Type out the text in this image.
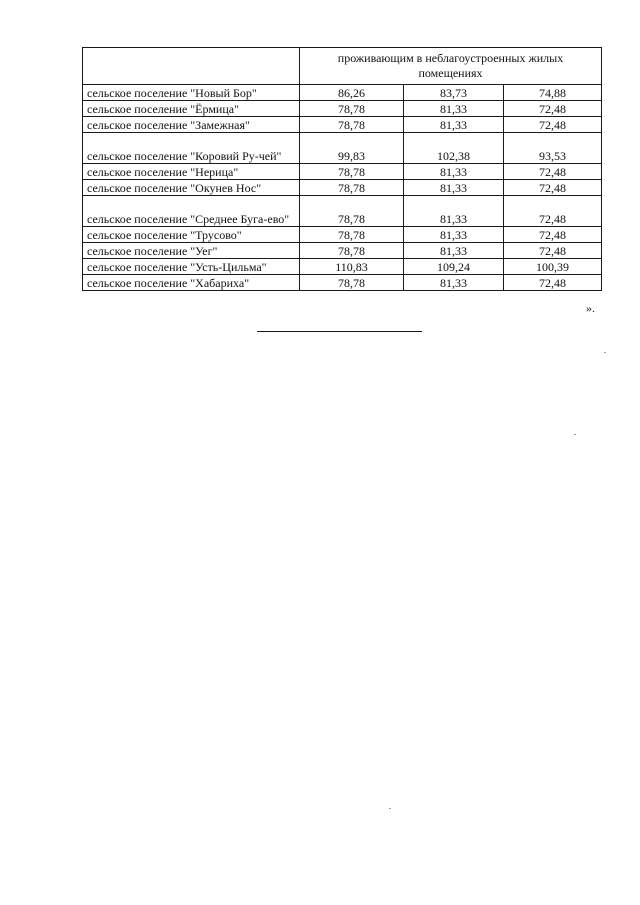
	проживающим в неблагоустроенных жилых помещениях		
сельское поселение "Новый Бор"	86,26	83,73	74,88
сельское поселение "Ёрмица"	78,78	81,33	72,48
сельское поселение "Замежная"	78,78	81,33	72,48
сельское поселение "Коровий Ру-чей"	99,83	102,38	93,53
сельское поселение "Нерица"	78,78	81,33	72,48
сельское поселение "Окунев Нос"	78,78	81,33	72,48
сельское поселение "Среднее Буга-ево"	78,78	81,33	72,48
сельское поселение "Трусово"	78,78	81,33	72,48
сельское поселение "Уег"	78,78	81,33	72,48
сельское поселение "Усть-Цильма"	110,83	109,24	100,39
сельское поселение "Хабариха"	78,78	81,33	72,48
».
